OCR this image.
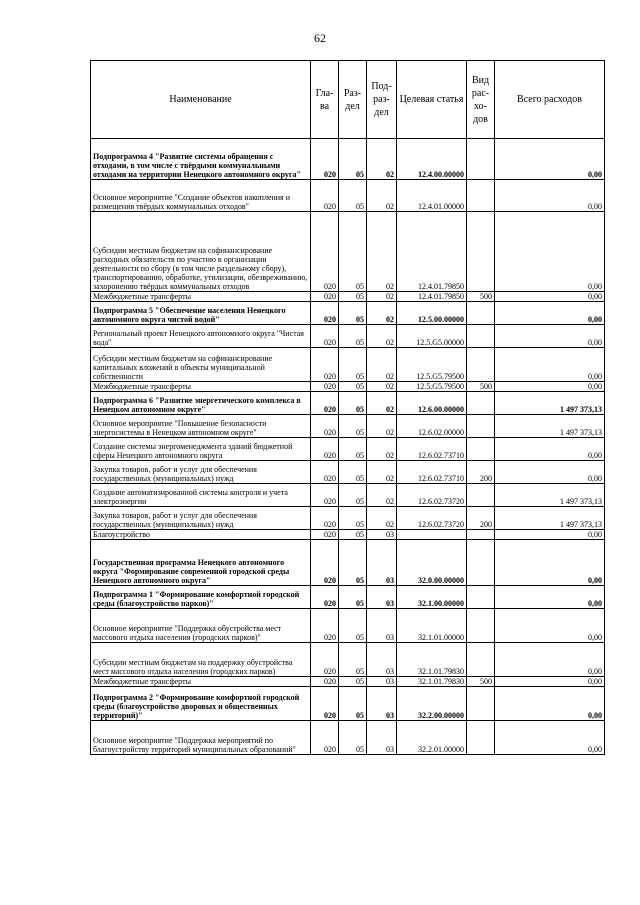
62
Наименование	Гла-ва	Раз-дел	Под-раз-дел	Целевая статья	Вид рас-хо-дов	Всего расходов
Подпрограмма 4 "Развитие системы обращения с отходами, в том числе с твёрдыми коммунальными отходами на территории Ненецкого автономного округа"	020	05	02	12.4.00.00000		0,00
Основное мероприятие "Создание объектов накопления и размещения твёрдых коммунальных отходов"	020	05	02	12.4.01.00000		0,00
Субсидии местным бюджетам на софинансирование расходных обязательств по участию в организации деятельности по сбору (в том числе раздельному сбору), транспортированию, обработке, утилизации, обезвреживанию, захоронению твёрдых коммунальных отходов	020	05	02	12.4.01.79850		0,00
Межбюджетные трансферты	020	05	02	12.4.01.79850	500	0,00
Подпрограмма 5 "Обеспечение населения Ненецкого автономного округа чистой водой"	020	05	02	12.5.00.00000		0,00
Региональный проект Ненецкого автономного округа "Чистая вода"	020	05	02	12.5.G5.00000		0,00
Субсидии местным бюджетам на софинансирование капитальных вложений в объекты муниципальной собственности	020	05	02	12.5.G5.79500		0,00
Межбюджетные трансферты	020	05	02	12.5.G5.79500	500	0,00
Подпрограмма 6 "Развитие энергетического комплекса в Ненецком автономном округе"	020	05	02	12.6.00.00000		1 497 373,13
Основное мероприятие "Повышение безопасности энергосистемы в Ненецком автономном округе"	020	05	02	12.6.02.00000		1 497 373,13
Создание системы энергоменеджмента зданий бюджетной сферы Ненецкого автономного округа	020	05	02	12.6.02.73710		0,00
Закупка товаров, работ и услуг для обеспечения государственных (муниципальных) нужд	020	05	02	12.6.02.73710	200	0,00
Создание автоматизированной системы контроля и учета электроэнергии	020	05	02	12.6.02.73720		1 497 373,13
Закупка товаров, работ и услуг для обеспечения государственных (муниципальных) нужд	020	05	02	12.6.02.73720	200	1 497 373,13
Благоустройство	020	05	03			0,00
Государственная программа Ненецкого автономного округа "Формирование современной городской среды Ненецкого автономного округа"	020	05	03	32.0.00.00000		0,00
Подпрограмма 1 "Формирование комфортной городской среды (благоустройство парков)"	020	05	03	32.1.00.00000		0,00
Основное мероприятие "Поддержка обустройства мест массового отдыха населения (городских парков)"	020	05	03	32.1.01.00000		0,00
Субсидии местным бюджетам на поддержку обустройства мест массового отдыха населения (городских парков)	020	05	03	32.1.01.79830		0,00
Межбюджетные трансферты	020	05	03	32.1.01.79830	500	0,00
Подпрограмма 2 "Формирование комфортной городской среды (благоустройство дворовых и общественных территорий)"	020	05	03	32.2.00.00000		0,00
Основное мероприятие "Поддержка мероприятий по благоустройству территорий муниципальных образований"	020	05	03	32.2.01.00000		0,00
